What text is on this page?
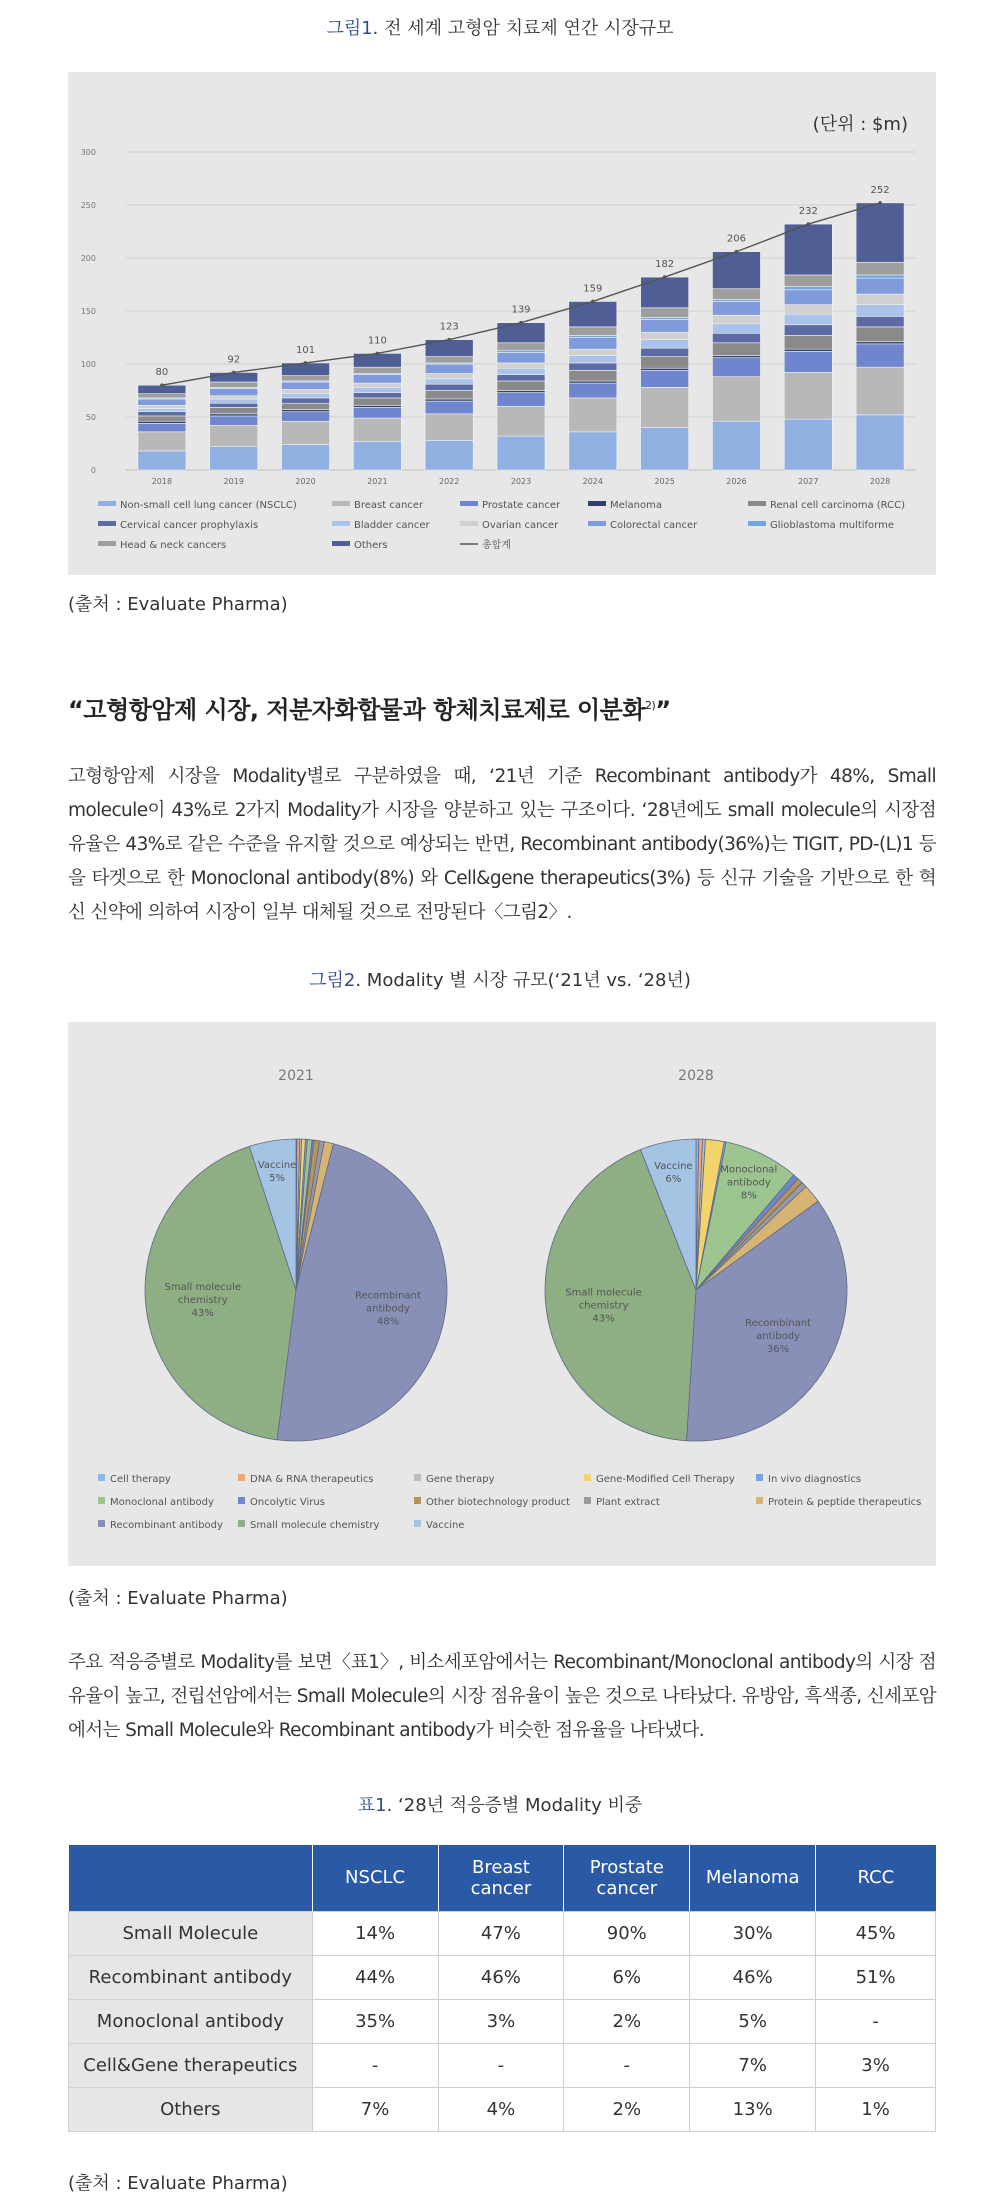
그림1. 전 세계 고형암 치료제 연간 시장규모
(단위 : $m)
0
50
100
150
200
250
300
2018	2019	2020	2021	2022	2023	2024	2025	2026	2027	2028
80
92
101
110
123
139
159
182
206
232
252
Non-small cell lung cancer (NSCLC)	Breast cancer	Prostate cancer	Melanoma	Renal cell carcinoma (RCC)
Cervical cancer prophylaxis	Bladder cancer	Ovarian cancer	Colorectal cancer	Glioblastoma multiforme
Head & neck cancers	Others	총합계
(출처 : Evaluate Pharma)
“고형항암제 시장, 저분자화합물과 항체치료제로 이분화$^{2)}$”

고형항암제 시장을 Modality별로 구분하였을 때, ‘21년 기준 Recombinant antibody가 48%, Small molecule이 43%로 2가지 Modality가 시장을 양분하고 있는 구조이다. ‘28년에도 small molecule의 시장점유율은 43%로 같은 수준을 유지할 것으로 예상되는 반면, Recombinant antibody(36%)는 TIGIT, PD-(L)1 등을 타겟으로 한 Monoclonal antibody(8%) 와 Cell&gene therapeutics(3%) 등 신규 기술을 기반으로 한 혁신 신약에 의하여 시장이 일부 대체될 것으로 전망된다〈그림2〉.

그림2. Modality 별 시장 규모(‘21년 vs. ‘28년)
2021
Recombinant
antibody
48%
Small molecule
chemistry
43%
Vaccine
5%
2028
Monoclonal
antibody
8%
Recombinant
antibody
36%
Small molecule
chemistry
43%
Vaccine
6%
Cell therapy	DNA & RNA therapeutics	Gene therapy	Gene-Modified Cell Therapy	In vivo diagnostics
Monoclonal antibody	Oncolytic Virus	Other biotechnology product	Plant extract	Protein & peptide therapeutics
Recombinant antibody	Small molecule chemistry	Vaccine
(출처 : Evaluate Pharma)

주요 적응증별로 Modality를 보면〈표1〉, 비소세포암에서는 Recombinant/Monoclonal antibody의 시장 점유율이 높고, 전립선암에서는 Small Molecule의 시장 점유율이 높은 것으로 나타났다. 유방암, 흑색종, 신세포암에서는 Small Molecule와 Recombinant antibody가 비슷한 점유율을 나타냈다.

표1. ‘28년 적응증별 Modality 비중
	NSCLC	Breast cancer	Prostate cancer	Melanoma	RCC
Small Molecule	14%	47%	90%	30%	45%
Recombinant antibody	44%	46%	6%	46%	51%
Monoclonal antibody	35%	3%	2%	5%	-
Cell&Gene therapeutics	-	-	-	7%	3%
Others	7%	4%	2%	13%	1%
(출처 : Evaluate Pharma)
